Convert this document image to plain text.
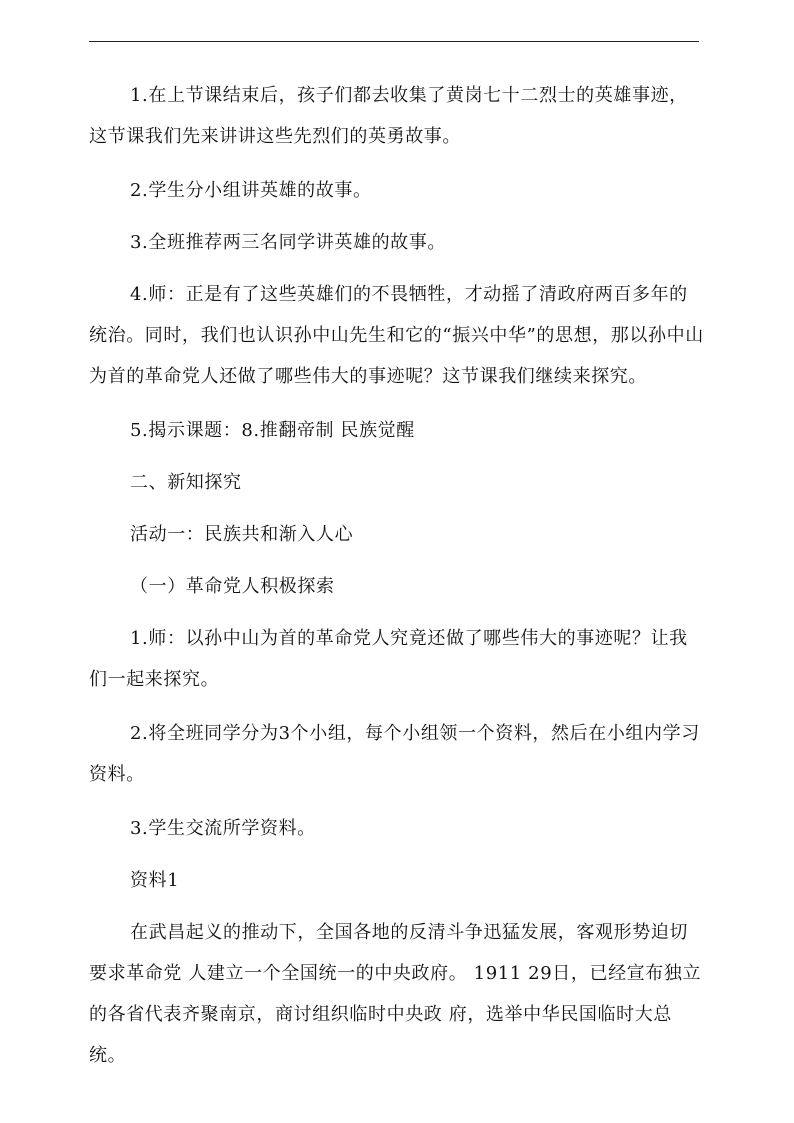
1.在上节课结束后，孩子们都去收集了黄岗七十二烈士的英雄事迹，这节课我们先来讲讲这些先烈们的英勇故事。

2.学生分小组讲英雄的故事。

3.全班推荐两三名同学讲英雄的故事。

4.师：正是有了这些英雄们的不畏牺牲，才动摇了清政府两百多年的统治。同时，我们也认识孙中山先生和它的“振兴中华”的思想，那以孙中山为首的革命党人还做了哪些伟大的事迹呢？这节课我们继续来探究。

5.揭示课题：8.推翻帝制 民族觉醒

二、新知探究

活动一：民族共和渐入人心

（一）革命党人积极探索

1.师：以孙中山为首的革命党人究竟还做了哪些伟大的事迹呢？让我们一起来探究。

2.将全班同学分为3个小组，每个小组领一个资料，然后在小组内学习资料。

3.学生交流所学资料。

资料1

在武昌起义的推动下，全国各地的反清斗争迅猛发展，客观形势迫切要求革命党 人建立一个全国统一的中央政府。 1911 29日，已经宣布独立的各省代表齐聚南京，商讨组织临时中央政 府，选举中华民国临时大总统。
